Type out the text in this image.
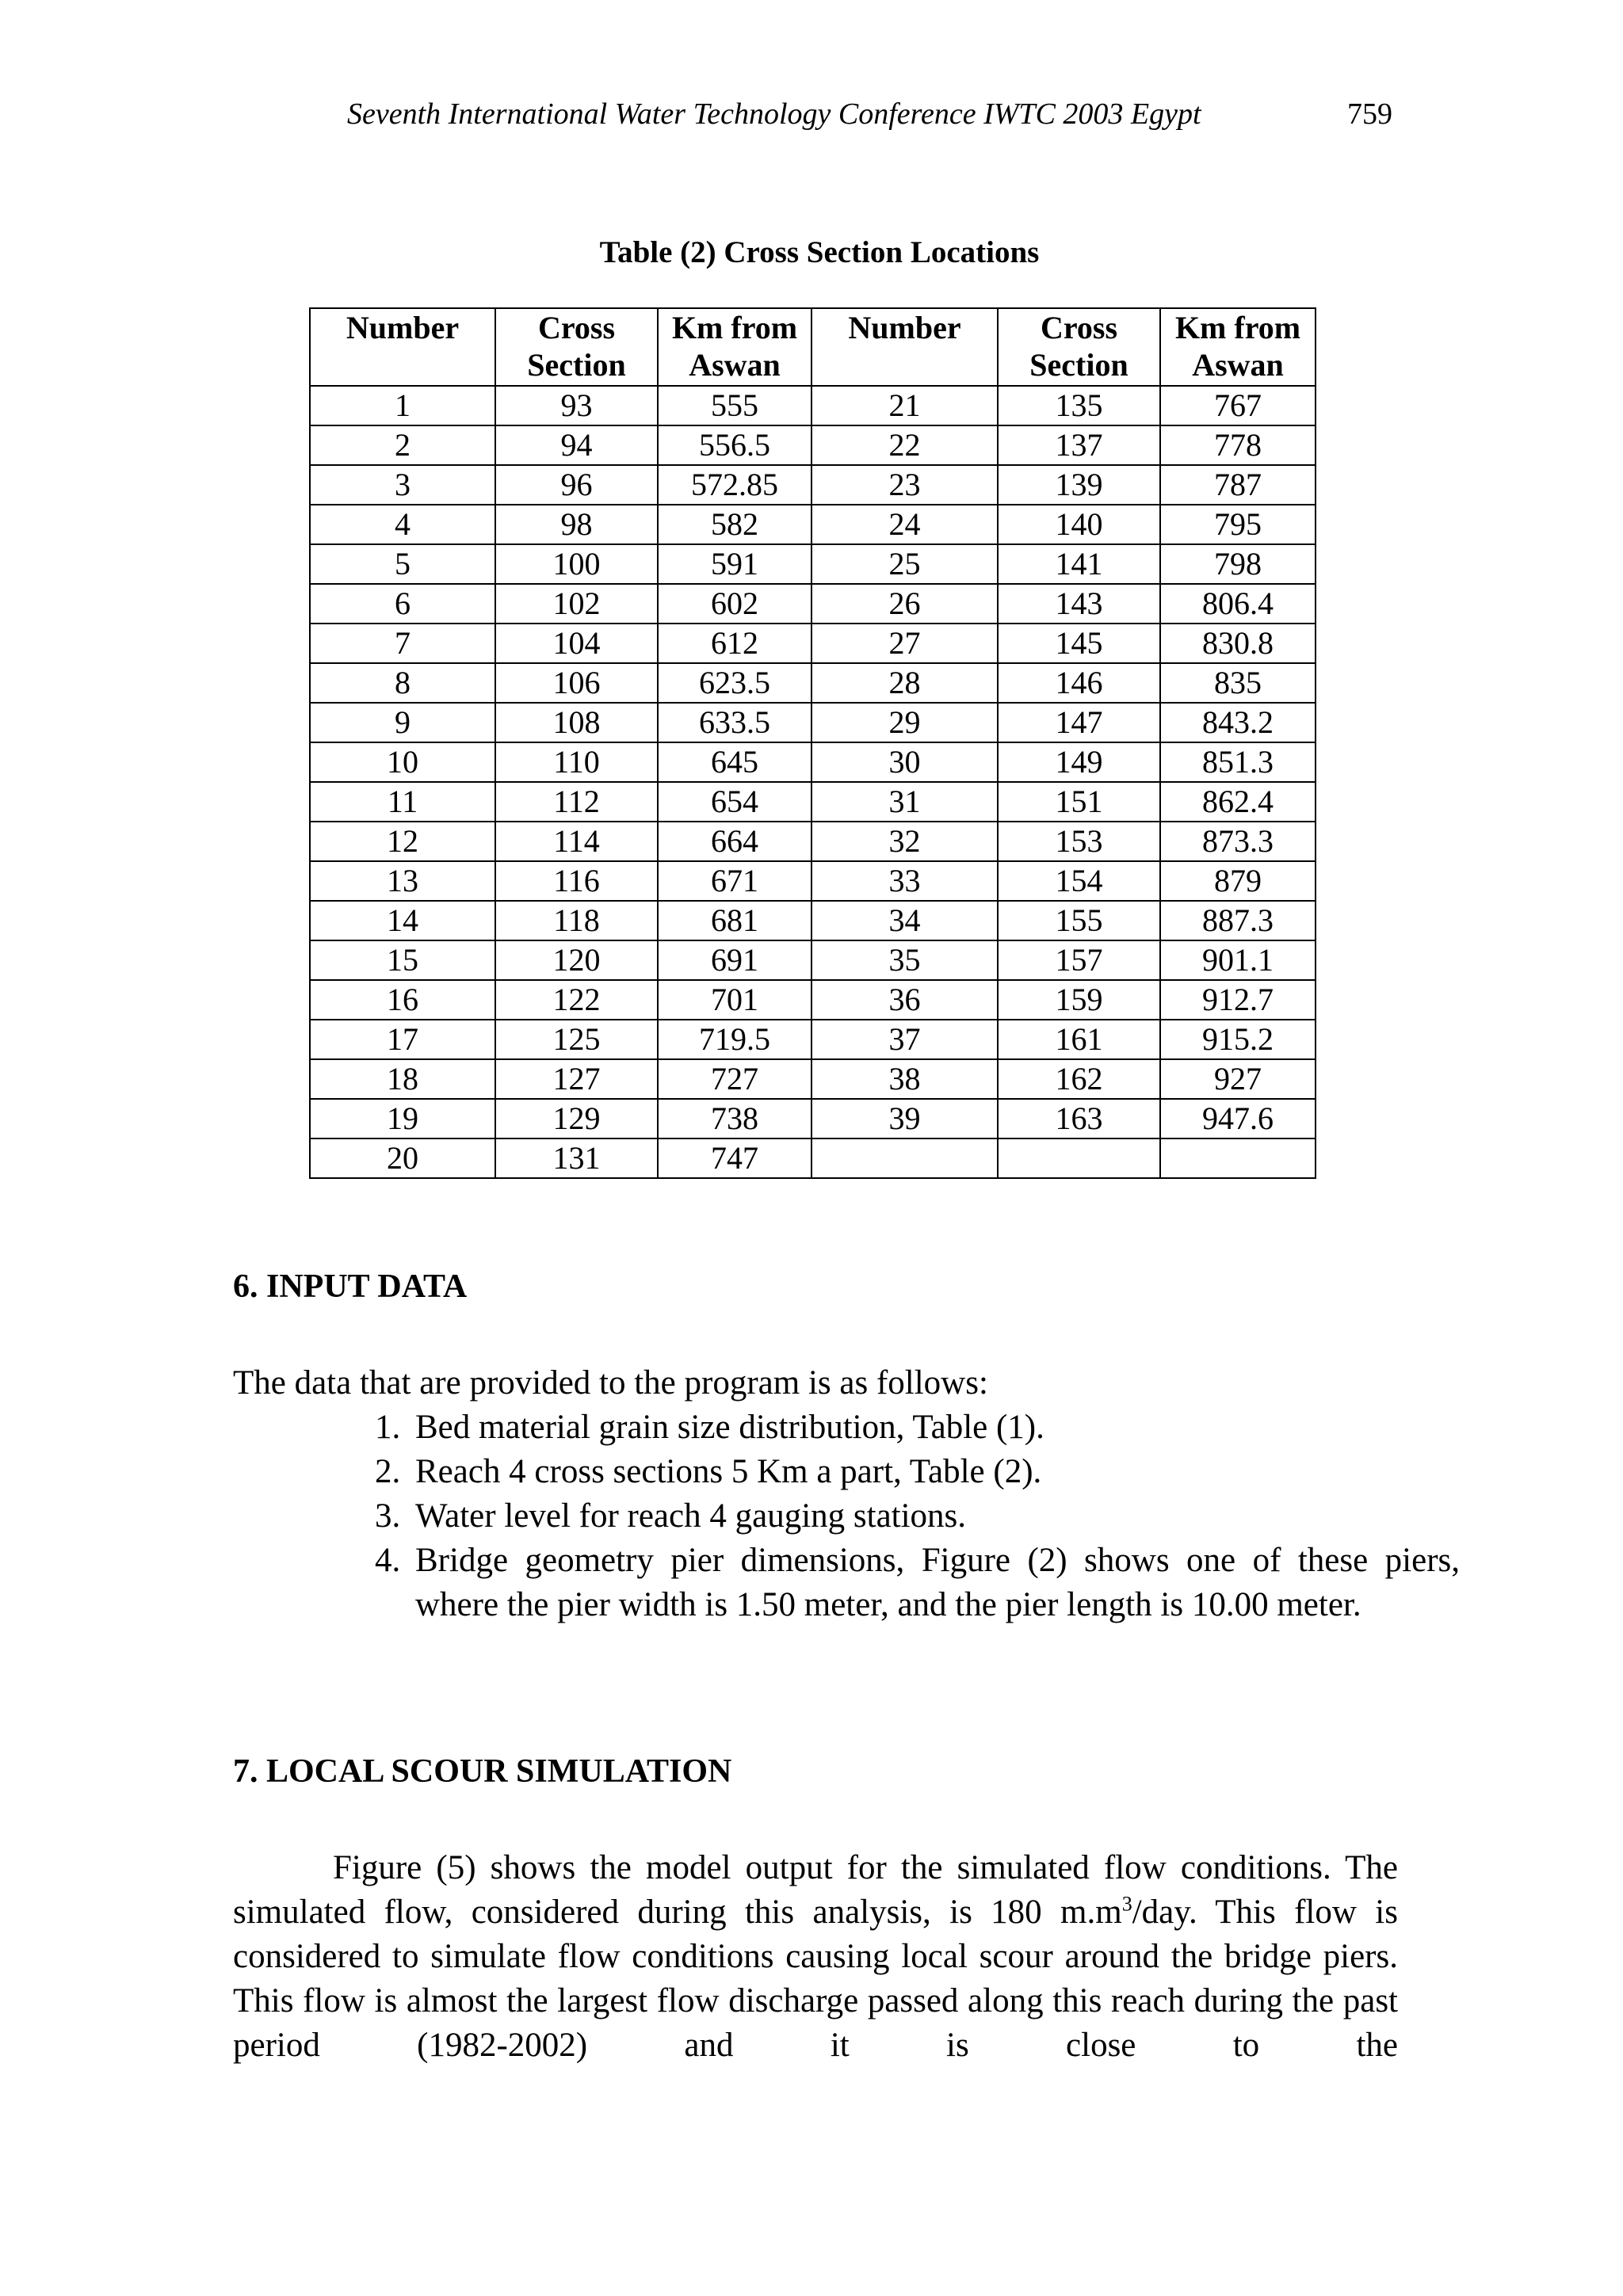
Seventh International Water Technology Conference IWTC 2003 Egypt	759
Table (2) Cross Section Locations
Number	Cross Section	Km from Aswan	Number	Cross Section	Km from Aswan
1	93	555	21	135	767
2	94	556.5	22	137	778
3	96	572.85	23	139	787
4	98	582	24	140	795
5	100	591	25	141	798
6	102	602	26	143	806.4
7	104	612	27	145	830.8
8	106	623.5	28	146	835
9	108	633.5	29	147	843.2
10	110	645	30	149	851.3
11	112	654	31	151	862.4
12	114	664	32	153	873.3
13	116	671	33	154	879
14	118	681	34	155	887.3
15	120	691	35	157	901.1
16	122	701	36	159	912.7
17	125	719.5	37	161	915.2
18	127	727	38	162	927
19	129	738	39	163	947.6
20	131	747			
6. INPUT DATA

The data that are provided to the program is as follows:

1. Bed material grain size distribution, Table (1).
2. Reach 4 cross sections 5 Km a part, Table (2).
3. Water level for reach 4 gauging stations.
4. Bridge geometry pier dimensions, Figure (2) shows one of these piers, where the pier width is 1.50 meter, and the pier length is 10.00 meter.
7. LOCAL SCOUR SIMULATION

Figure (5) shows the model output for the simulated flow conditions. The simulated flow, considered during this analysis, is 180 $m.m^3$/day. This flow is considered to simulate flow conditions causing local scour around the bridge piers. This flow is almost the largest flow discharge passed along this reach during the past period (1982-2002) and it is close to the
